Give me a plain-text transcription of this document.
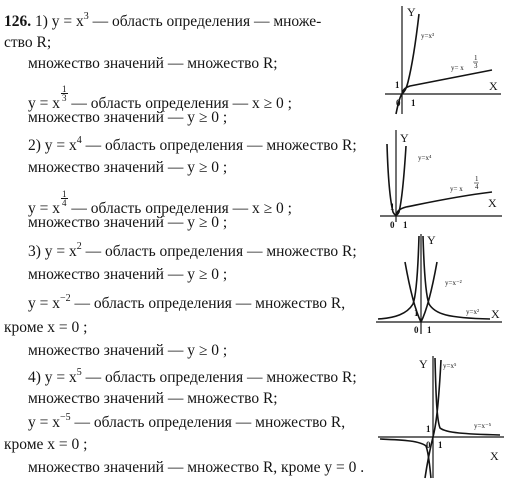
126. 1) $y = x^3$ — область определения — множе-
ство R;
множество значений — множество R;
y = x
$\frac{1}{3}$
— область определения — x ≥ 0 ;
множество значений — y ≥ 0 ;
2) $y = x^4$ — область определения — множество R;
множество значений — y ≥ 0 ;
y = x
$\frac{1}{4}$
— область определения — x ≥ 0 ;
множество значений — y ≥ 0 ;
3) $y = x^2$ — область определения — множество R;
множество значений — y ≥ 0 ;
$y = x^{-2}$ — область определения — множество R,
кроме x = 0 ;
множество значений — y ≥ 0 ;
4) $y = x^5$ — область определения — множество R;
множество значений — множество R;
$y = x^{-5}$ — область определения — множество R,
кроме x = 0 ;
множество значений — множество R, кроме y = 0 .
Y
X
y=x³
y= x
1
3
1
1
0
Y
X
y=x⁴
y= x
1
4
1
1
0
Y
X
y=x⁻²
y=x²
1
1
0
Y
X
y=x⁵
y=x⁻⁵
1
1
0
